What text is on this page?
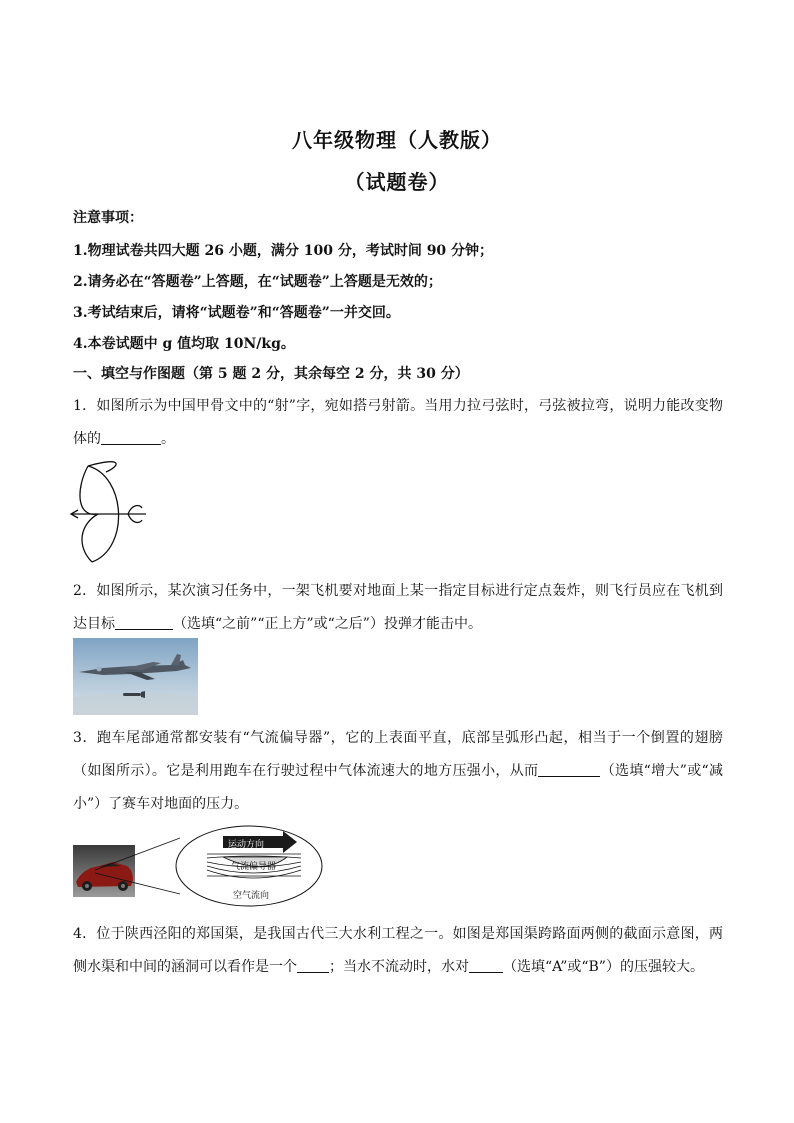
八年级物理（人教版）
（试题卷）
注意事项：
1.物理试卷共四大题 26 小题，满分 100 分，考试时间 90 分钟；
2.请务必在“答题卷”上答题，在“试题卷”上答题是无效的；
3.考试结束后，请将“试题卷”和“答题卷”一并交回。
4.本卷试题中 g 值均取 10N/kg。
一、填空与作图题（第 5 题 2 分，其余每空 2 分，共 30 分）
1．如图所示为中国甲骨文中的“射”字，宛如搭弓射箭。当用力拉弓弦时，弓弦被拉弯，说明力能改变物体的	。
2．如图所示，某次演习任务中，一架飞机要对地面上某一指定目标进行定点轰炸，则飞行员应在飞机到达目标	（选填“之前”“正上方”或“之后”）投弹才能击中。
3．跑车尾部通常都安装有“气流偏导器”，它的上表面平直，底部呈弧形凸起，相当于一个倒置的翅膀（如图所示）。它是利用跑车在行驶过程中气体流速大的地方压强小，从而	（选填“增大”或“减小”）了赛车对地面的压力。
运动方向
气流偏导器
空气流向
4．位于陕西泾阳的郑国渠，是我国古代三大水利工程之一。如图是郑国渠跨路面两侧的截面示意图，两侧水渠和中间的涵洞可以看作是一个 ；当水不流动时，水对 （选填“A”或“B”）的压强较大。
